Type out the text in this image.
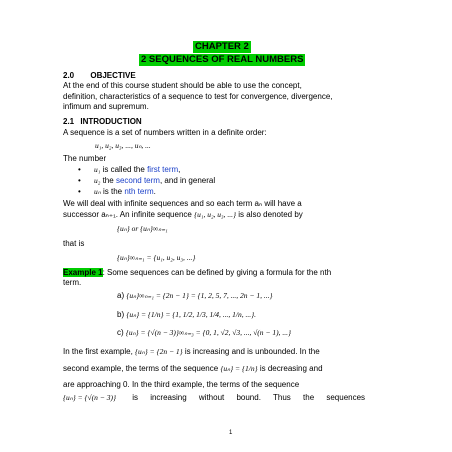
CHAPTER 2
2 SEQUENCES OF REAL NUMBERS
2.0 OBJECTIVE
At the end of this course student should be able to use the concept,
definition, characteristics of a sequence to test for convergence, divergence,
infimum and supremum.
2.1 INTRODUCTION
A sequence is a set of numbers written in a definite order:
u₁, u₂, u₃, ..., uₙ, ...
The number
• u₁ is called the first term,
• u₂ the second term, and in general
• uₙ is the nth term.
We will deal with infinite sequences and so each term aₙ will have a
successor aₙ₊₁. An infinite sequence {u₁, u₂, u₃, ...} is also denoted by
{uₙ} or {uₙ}∞ₙ₌₁
that is
{uₙ}∞ₙ₌₁ = {u₁, u₂, u₃, ...}
Example 1: Some sequences can be defined by giving a formula for the nth
term.
a) {uₙ}∞ₙ₌₁ = {2n − 1} = {1, 2, 5, 7, ..., 2n − 1, ...}
b) {uₙ} = {1/n} = {1, 1/2, 1/3, 1/4, ..., 1/n, ...}.
c) {uₙ} = {√(n − 3)}∞ₙ₌₃ = {0, 1, √2, √3, ..., √(n − 1), ...}
In the first example, {uₙ} = {2n − 1} is increasing and is unbounded. In the
second example, the terms of the sequence {uₙ} = {1/n} is decreasing and
are approaching 0. In the third example, the terms of the sequence
{uₙ} = {√(n − 3)} is increasing without bound. Thus the sequences
1
